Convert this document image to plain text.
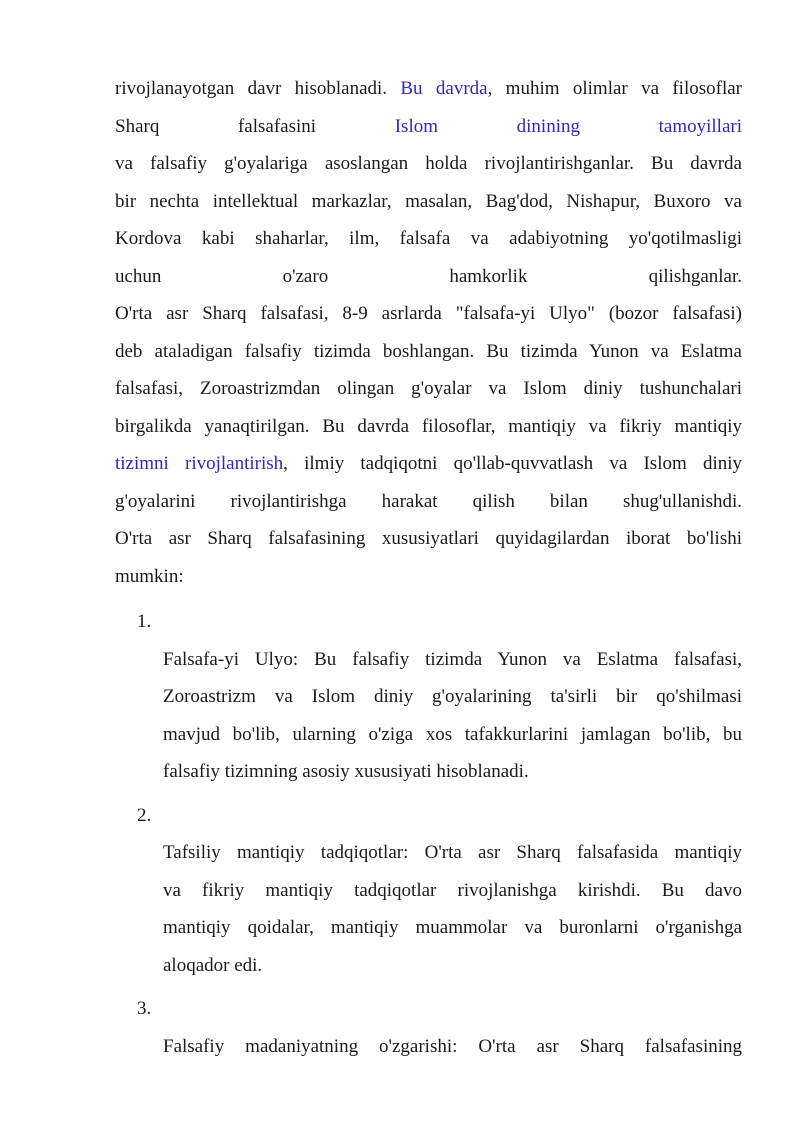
rivojlanayotgan davr hisoblanadi. Bu davrda, muhim olimlar va filosoflar
Sharq falsafasini Islom dinining tamoyillari
va falsafiy g'oyalariga asoslangan holda rivojlantirishganlar. Bu davrda
bir nechta intellektual markazlar, masalan, Bag'dod, Nishapur, Buxoro va
Kordova kabi shaharlar, ilm, falsafa va adabiyotning yo'qotilmasligi
uchun o'zaro hamkorlik qilishganlar.
O'rta asr Sharq falsafasi, 8-9 asrlarda "falsafa-yi Ulyo" (bozor falsafasi)
deb ataladigan falsafiy tizimda boshlangan. Bu tizimda Yunon va Eslatma
falsafasi, Zoroastrizmdan olingan g'oyalar va Islom diniy tushunchalari
birgalikda yanaqtirilgan. Bu davrda filosoflar, mantiqiy va fikriy mantiqiy
tizimni rivojlantirish, ilmiy tadqiqotni qo'llab-quvvatlash va Islom diniy
g'oyalarini rivojlantirishga harakat qilish bilan shug'ullanishdi.
O'rta asr Sharq falsafasining xususiyatlari quyidagilardan iborat bo'lishi
mumkin:
1.
Falsafa-yi Ulyo: Bu falsafiy tizimda Yunon va Eslatma falsafasi,
Zoroastrizm va Islom diniy g'oyalarining ta'sirli bir qo'shilmasi
mavjud bo'lib, ularning o'ziga xos tafakkurlarini jamlagan bo'lib, bu
falsafiy tizimning asosiy xususiyati hisoblanadi.
2.
Tafsiliy mantiqiy tadqiqotlar: O'rta asr Sharq falsafasida mantiqiy
va fikriy mantiqiy tadqiqotlar rivojlanishga kirishdi. Bu davo
mantiqiy qoidalar, mantiqiy muammolar va buronlarni o'rganishga
aloqador edi.
3.
Falsafiy madaniyatning o'zgarishi: O'rta asr Sharq falsafasining
